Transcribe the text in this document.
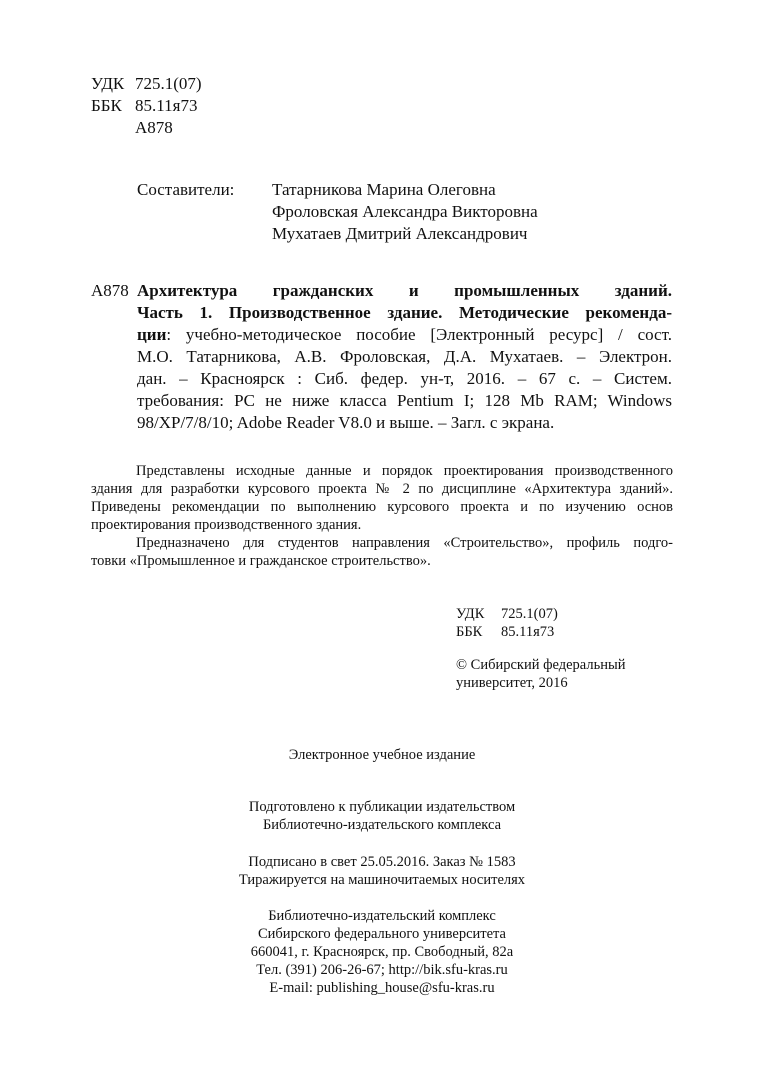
УДК 725.1(07)
ББК 85.11я73
А878
Составители:	Татарникова Марина Олеговна
Фроловская Александра Викторовна
Мухатаев Дмитрий Александрович
А878 Архитектура гражданских и промышленных зданий.
Часть 1. Производственное здание. Методические рекоменда-
ции: учебно-методическое пособие [Электронный ресурс] / сост.
М.О. Татарникова, А.В. Фроловская, Д.А. Мухатаев. – Электрон.
дан. – Красноярск : Сиб. федер. ун-т, 2016. – 67 с. – Систем.
требования: PC не ниже класса Pentium I; 128 Mb RAM; Windows
98/XP/7/8/10; Adobe Reader V8.0 и выше. – Загл. с экрана.
Представлены исходные данные и порядок проектирования производственного
здания для разработки курсового проекта № 2 по дисциплине «Архитектура зданий».
Приведены рекомендации по выполнению курсового проекта и по изучению основ
проектирования производственного здания.
Предназначено для студентов направления «Строительство», профиль подго-
товки «Промышленное и гражданское строительство».
УДК	725.1(07)
ББК	85.11я73
© Сибирский федеральный
университет, 2016
Электронное учебное издание
Подготовлено к публикации издательством
Библиотечно-издательского комплекса
Подписано в свет 25.05.2016. Заказ № 1583
Тиражируется на машиночитаемых носителях
Библиотечно-издательский комплекс
Сибирского федерального университета
660041, г. Красноярск, пр. Свободный, 82а
Тел. (391) 206-26-67; http://bik.sfu-kras.ru
E-mail: publishing_house@sfu-kras.ru
